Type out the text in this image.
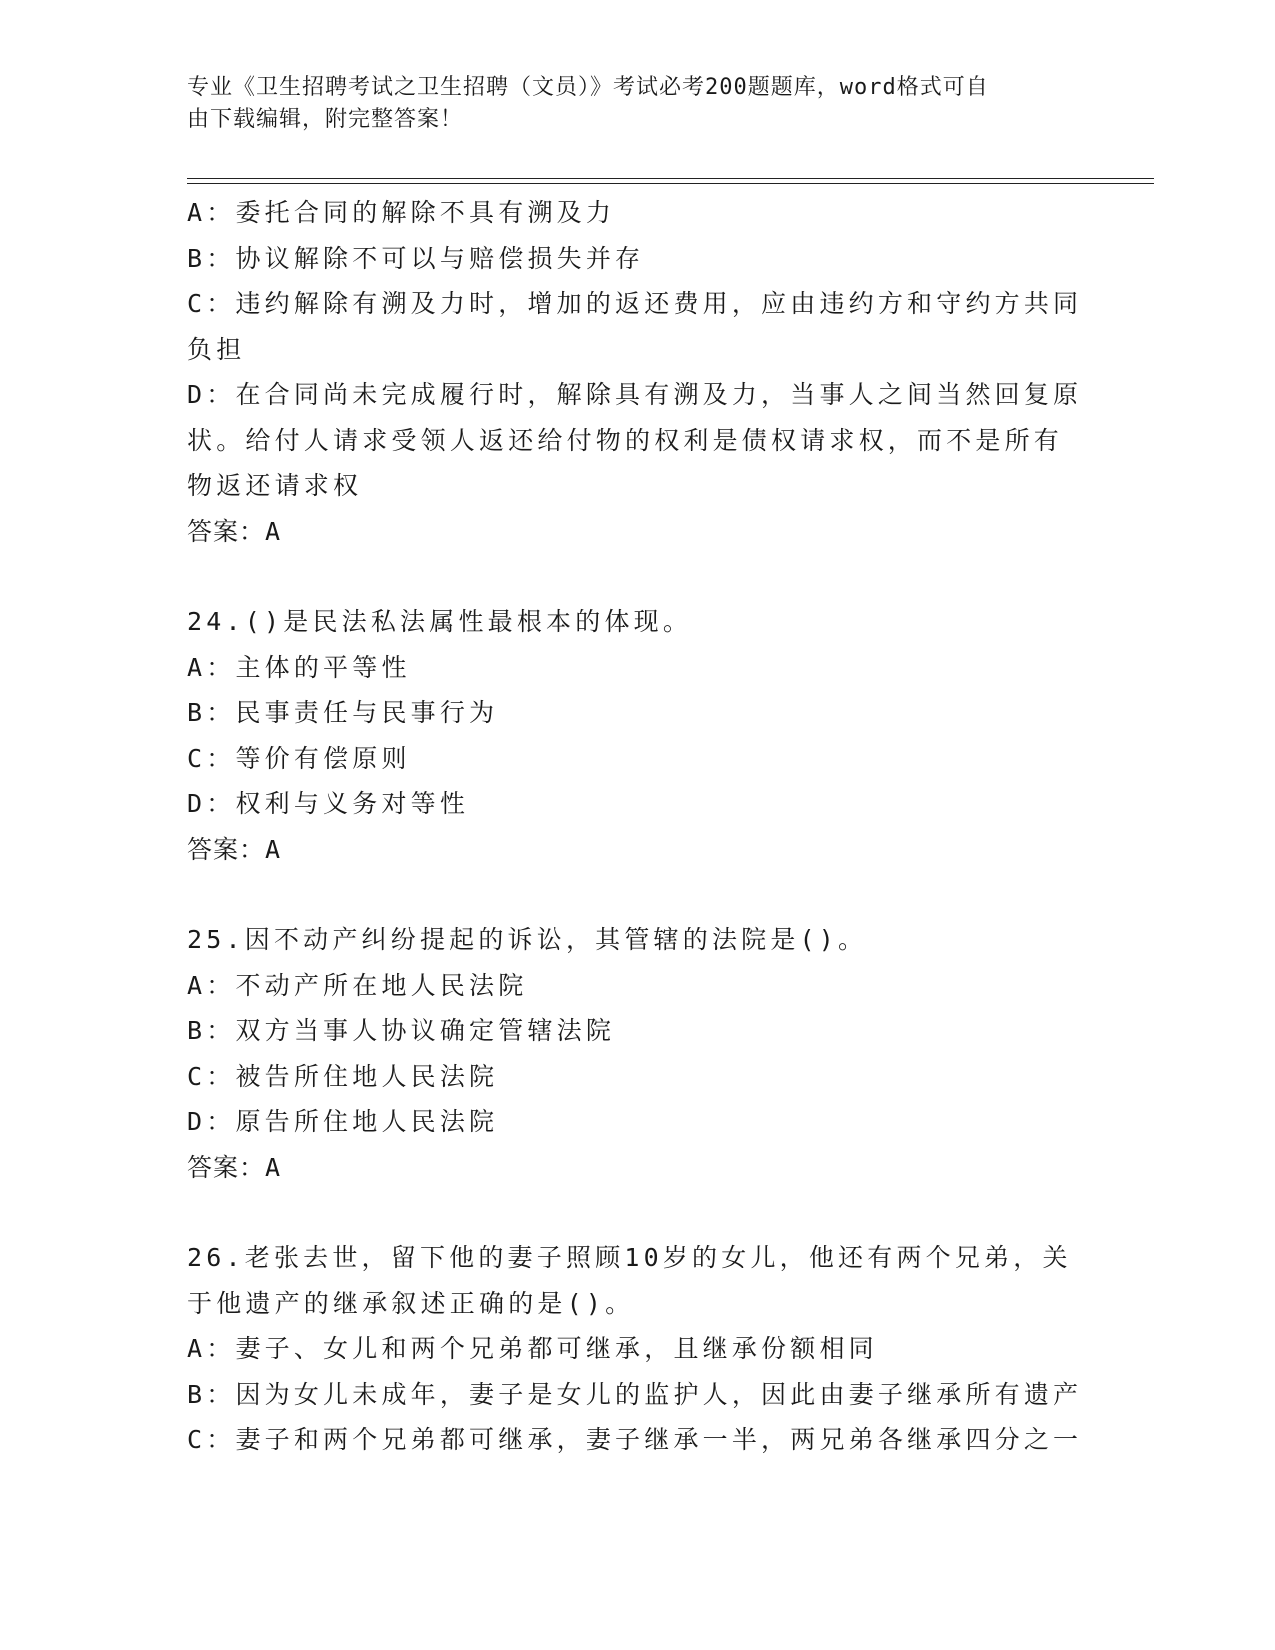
专业《卫生招聘考试之卫生招聘（文员）》考试必考200题题库，word格式可自
由下载编辑，附完整答案！
A：委托合同的解除不具有溯及力
B：协议解除不可以与赔偿损失并存
C：违约解除有溯及力时，增加的返还费用，应由违约方和守约方共同
负担
D：在合同尚未完成履行时，解除具有溯及力，当事人之间当然回复原
状。给付人请求受领人返还给付物的权利是债权请求权，而不是所有
物返还请求权
答案：A
24.()是民法私法属性最根本的体现。
A：主体的平等性
B：民事责任与民事行为
C：等价有偿原则
D：权利与义务对等性
答案：A
25.因不动产纠纷提起的诉讼，其管辖的法院是()。
A：不动产所在地人民法院
B：双方当事人协议确定管辖法院
C：被告所住地人民法院
D：原告所住地人民法院
答案：A
26.老张去世，留下他的妻子照顾10岁的女儿，他还有两个兄弟，关
于他遗产的继承叙述正确的是()。
A：妻子、女儿和两个兄弟都可继承，且继承份额相同
B：因为女儿未成年，妻子是女儿的监护人，因此由妻子继承所有遗产
C：妻子和两个兄弟都可继承，妻子继承一半，两兄弟各继承四分之一
